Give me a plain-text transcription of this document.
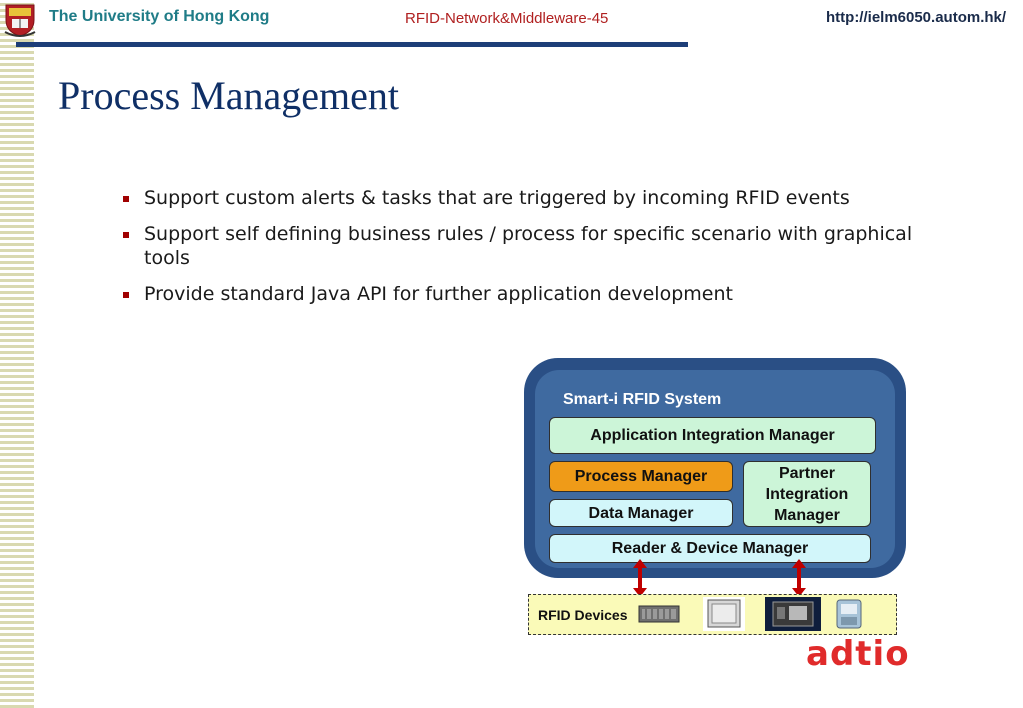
The University of Hong Kong	RFID-Network&Middleware-45	http://ielm6050.autom.hk/
Process Management
Support custom alerts & tasks that are triggered by incoming RFID events
Support self defining business rules / process for specific scenario with graphical tools
Provide standard Java API for further application development
Smart-i RFID System
Application Integration Manager
Process Manager
Data Manager
Partner Integration Manager
Reader & Device Manager
RFID Devices
adtio
